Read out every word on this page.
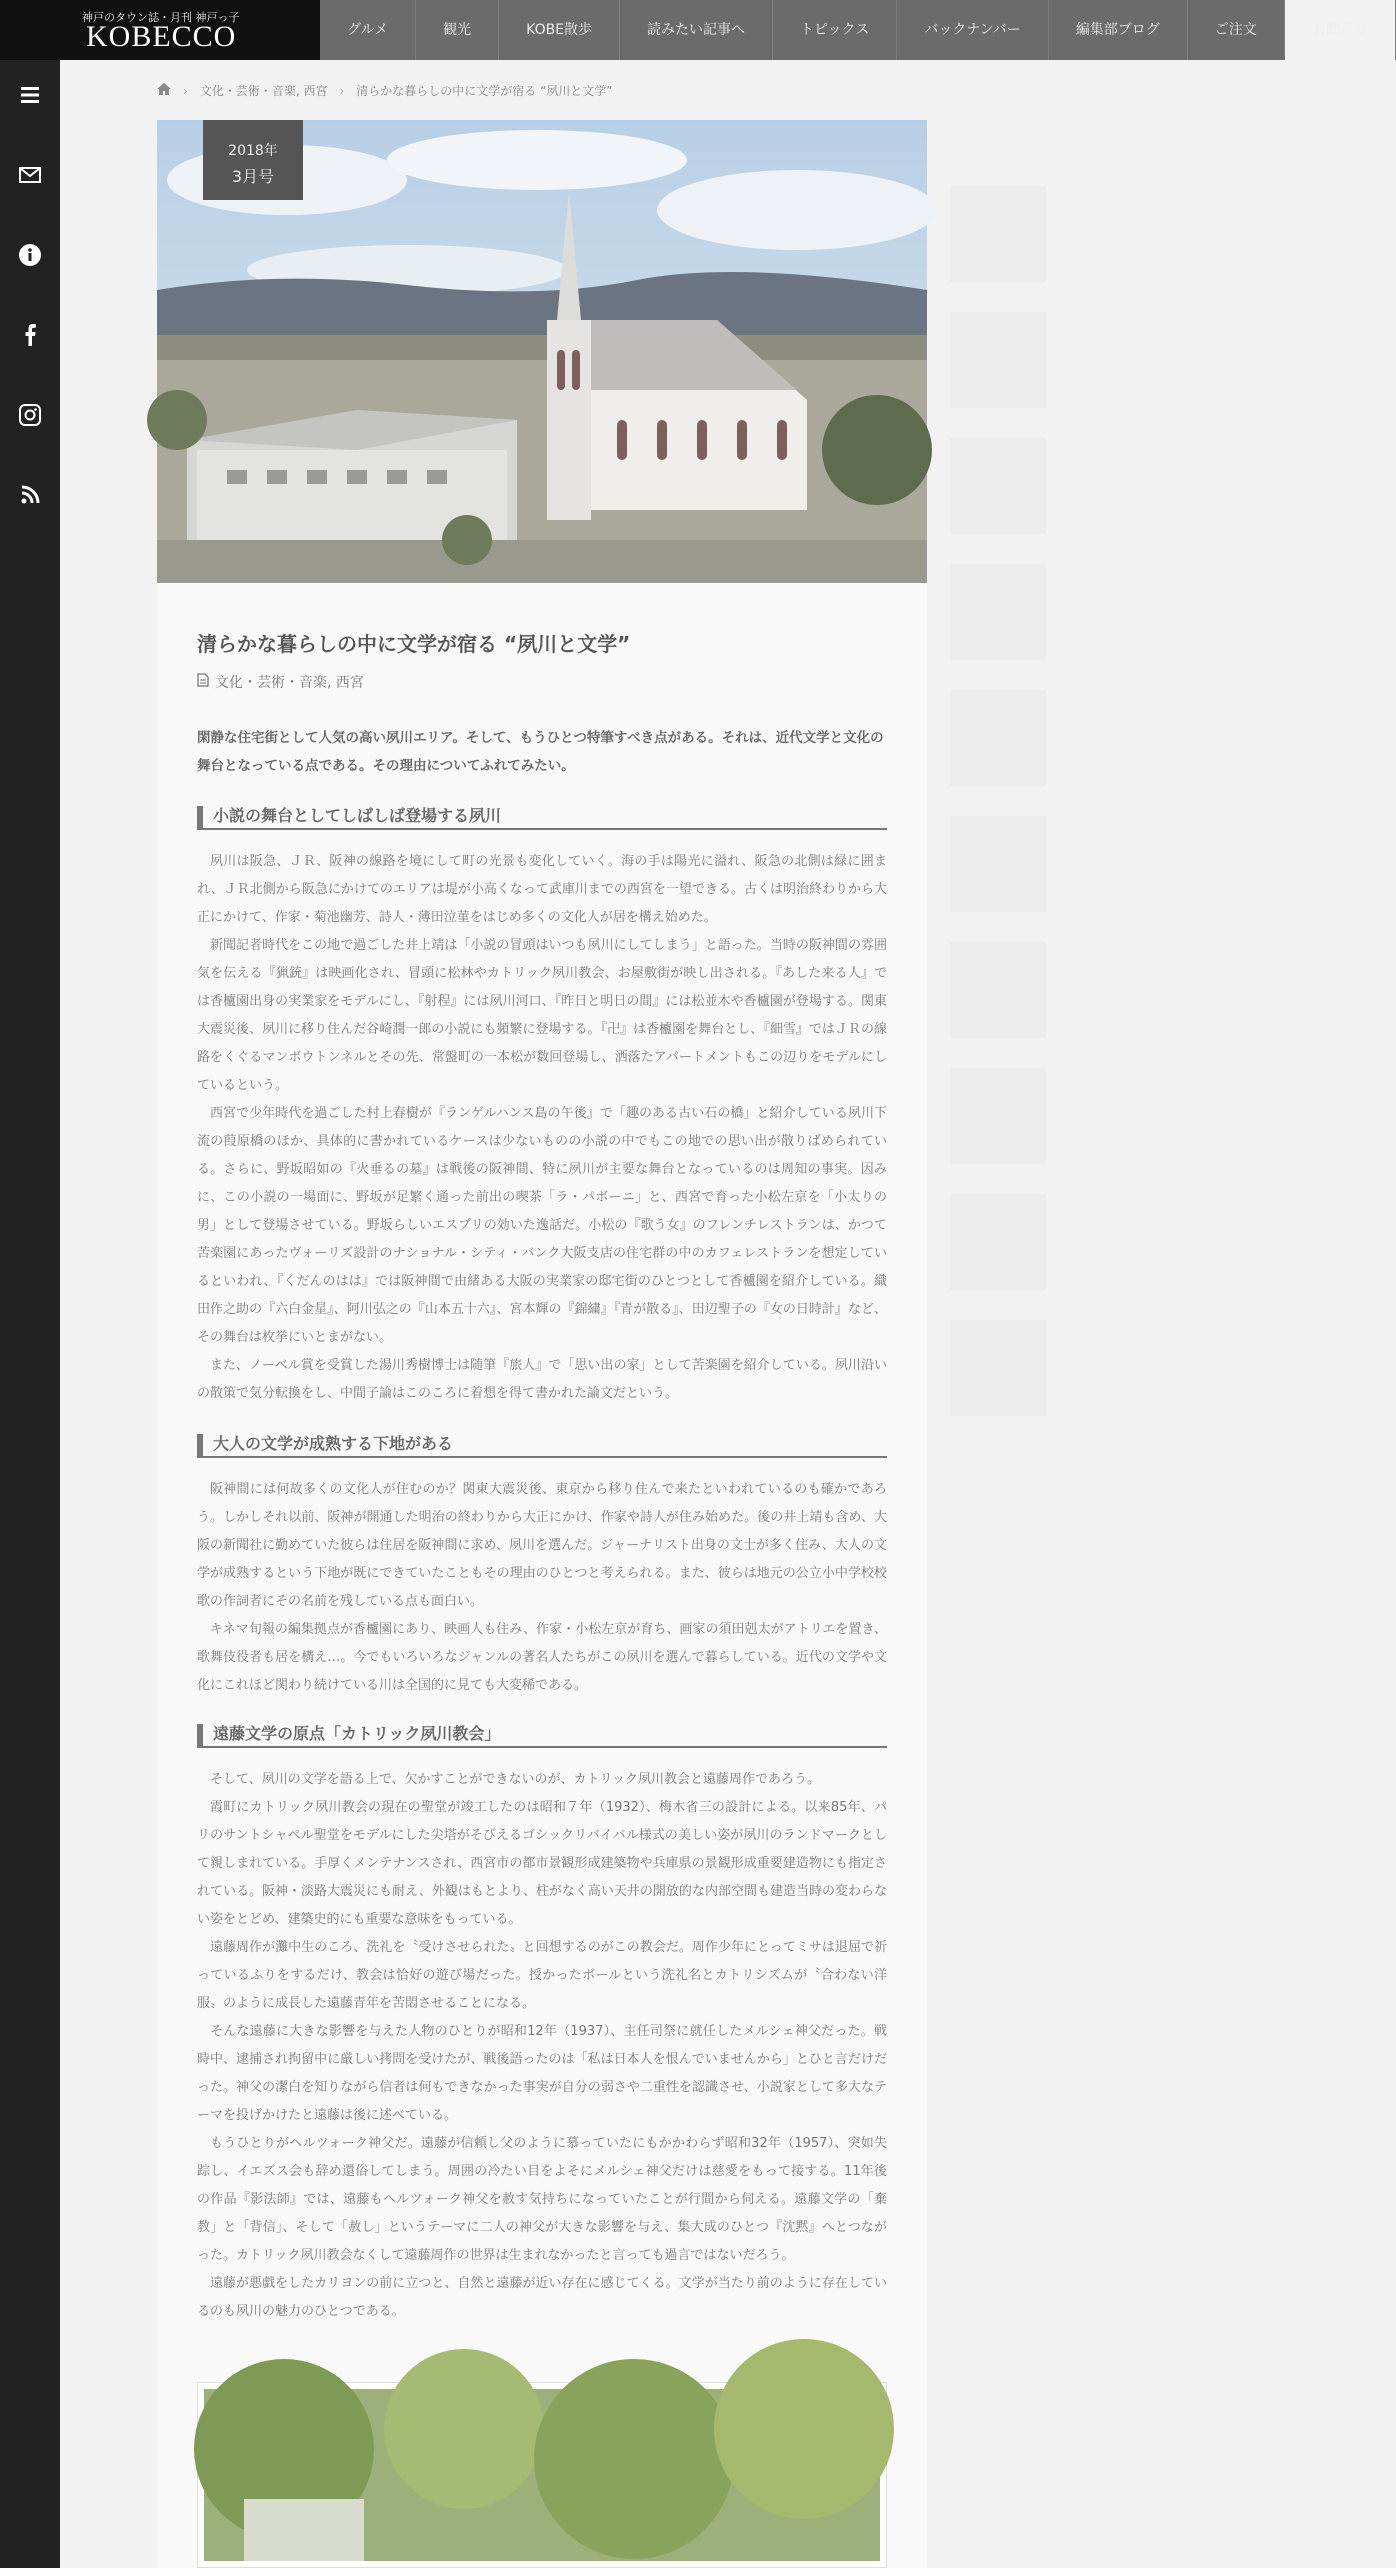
神戸のタウン誌・月刊 神戸っ子
KOBECCO	グルメ	観光	KOBE散歩	読みたい記事へ	トピックス	バックナンバー	編集部ブログ	ご注文	お問合せ
› 文化・芸術・音楽, 西宮 › 清らかな暮らしの中に文学が宿る “夙川と文学”
2018年
3月号
清らかな暮らしの中に文学が宿る “夙川と文学”
文化・芸術・音楽, 西宮
閑静な住宅街として人気の高い夙川エリア。そして、もうひとつ特筆すべき点がある。それは、近代文学と文化の舞台となっている点である。その理由についてふれてみたい。
小説の舞台としてしばしば登場する夙川

夙川は阪急、ＪＲ、阪神の線路を境にして町の光景も変化していく。海の手は陽光に溢れ、阪急の北側は緑に囲まれ、ＪＲ北側から阪急にかけてのエリアは堤が小高くなって武庫川までの西宮を一望できる。古くは明治終わりから大正にかけて、作家・菊池幽芳、詩人・薄田泣菫をはじめ多くの文化人が居を構え始めた。

新聞記者時代をこの地で過ごした井上靖は「小説の冒頭はいつも夙川にしてしまう」と語った。当時の阪神間の雰囲気を伝える『猟銃』は映画化され、冒頭に松林やカトリック夙川教会、お屋敷街が映し出される。『あした来る人』では香櫨園出身の実業家をモデルにし、『射程』には夙川河口、『昨日と明日の間』には松並木や香櫨園が登場する。関東大震災後、夙川に移り住んだ谷崎潤一郎の小説にも頻繁に登場する。『卍』は香櫨園を舞台とし、『細雪』ではＪＲの線路をくぐるマンボウトンネルとその先、常盤町の一本松が数回登場し、洒落たアパートメントもこの辺りをモデルにしているという。

西宮で少年時代を過ごした村上春樹が『ランゲルハンス島の午後』で「趣のある古い石の橋」と紹介している夙川下流の葭原橋のほか、具体的に書かれているケースは少ないものの小説の中でもこの地での思い出が散りばめられている。さらに、野坂昭如の『火垂るの墓』は戦後の阪神間、特に夙川が主要な舞台となっているのは周知の事実。因みに、この小説の一場面に、野坂が足繁く通った前出の喫茶「ラ・パボーニ」と、西宮で育った小松左京を「小太りの男」として登場させている。野坂らしいエスプリの効いた逸話だ。小松の『歌う女』のフレンチレストランは、かつて苦楽園にあったヴォーリズ設計のナショナル・シティ・バンク大阪支店の住宅群の中のカフェレストランを想定しているといわれ、『くだんのはは』では阪神間で由緒ある大阪の実業家の邸宅街のひとつとして香櫨園を紹介している。織田作之助の『六白金星』、阿川弘之の『山本五十六』、宮本輝の『錦繍』『青が散る』、田辺聖子の『女の日時計』など、その舞台は枚挙にいとまがない。

また、ノーベル賞を受賞した湯川秀樹博士は随筆『旅人』で「思い出の家」として苦楽園を紹介している。夙川沿いの散策で気分転換をし、中間子論はこのころに着想を得て書かれた論文だという。

大人の文学が成熟する下地がある

阪神間には何故多くの文化人が住むのか？関東大震災後、東京から移り住んで来たといわれているのも確かであろう。しかしそれ以前、阪神が開通した明治の終わりから大正にかけ、作家や詩人が住み始めた。後の井上靖も含め、大阪の新聞社に勤めていた彼らは住居を阪神間に求め、夙川を選んだ。ジャーナリスト出身の文士が多く住み、大人の文学が成熟するという下地が既にできていたこともその理由のひとつと考えられる。また、彼らは地元の公立小中学校校歌の作詞者にその名前を残している点も面白い。

キネマ旬報の編集拠点が香櫨園にあり、映画人も住み、作家・小松左京が育ち、画家の須田剋太がアトリエを置き、歌舞伎役者も居を構え…。今でもいろいろなジャンルの著名人たちがこの夙川を選んで暮らしている。近代の文学や文化にこれほど関わり続けている川は全国的に見ても大変稀である。

遠藤文学の原点「カトリック夙川教会」

そして、夙川の文学を語る上で、欠かすことができないのが、カトリック夙川教会と遠藤周作であろう。

霞町にカトリック夙川教会の現在の聖堂が竣工したのは昭和７年（1932）、梅木省三の設計による。以来85年、パリのサントシャペル聖堂をモデルにした尖塔がそびえるゴシックリバイバル様式の美しい姿が夙川のランドマークとして親しまれている。手厚くメンテナンスされ、西宮市の都市景観形成建築物や兵庫県の景観形成重要建造物にも指定されている。阪神・淡路大震災にも耐え、外観はもとより、柱がなく高い天井の開放的な内部空間も建造当時の変わらない姿をとどめ、建築史的にも重要な意味をもっている。

遠藤周作が灘中生のころ、洗礼を〝受けさせられた〟と回想するのがこの教会だ。周作少年にとってミサは退屈で祈っているふりをするだけ、教会は恰好の遊び場だった。授かったボールという洗礼名とカトリシズムが〝合わない洋服〟のように成長した遠藤青年を苦悶させることになる。

そんな遠藤に大きな影響を与えた人物のひとりが昭和12年（1937）、主任司祭に就任したメルシェ神父だった。戦時中、逮捕され拘留中に厳しい拷問を受けたが、戦後語ったのは「私は日本人を恨んでいませんから」とひと言だけだった。神父の潔白を知りながら信者は何もできなかった事実が自分の弱さや二重性を認識させ、小説家として多大なテーマを投げかけたと遠藤は後に述べている。

もうひとりがヘルツォーク神父だ。遠藤が信頼し父のように慕っていたにもかかわらず昭和32年（1957）、突如失踪し、イエズス会も辞め還俗してしまう。周囲の冷たい目をよそにメルシェ神父だけは慈愛をもって接する。11年後の作品『影法師』では、遠藤もヘルツォーク神父を赦す気持ちになっていたことが行間から伺える。遠藤文学の「棄教」と「背信」、そして「赦し」というテーマに二人の神父が大きな影響を与え、集大成のひとつ『沈黙』へとつながった。カトリック夙川教会なくして遠藤周作の世界は生まれなかったと言っても過言ではないだろう。

遠藤が悪戯をしたカリヨンの前に立つと、自然と遠藤が近い存在に感じてくる。文学が当たり前のように存在しているのも夙川の魅力のひとつである。
